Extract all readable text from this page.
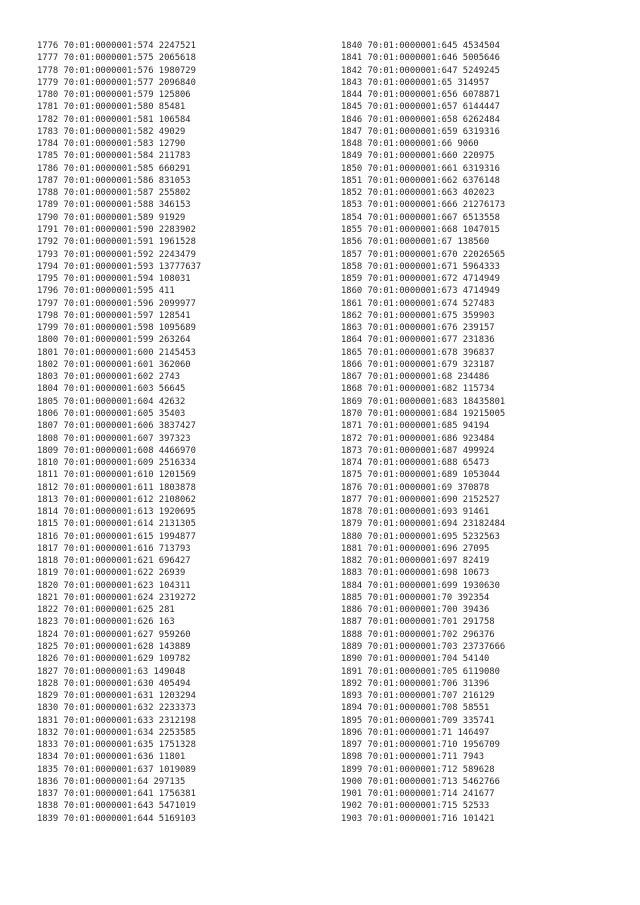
1776 70:01:0000001:574 2247521
1777 70:01:0000001:575 2065618
1778 70:01:0000001:576 1980729
1779 70:01:0000001:577 2096840
1780 70:01:0000001:579 125806
1781 70:01:0000001:580 85481
1782 70:01:0000001:581 106584
1783 70:01:0000001:582 49029
1784 70:01:0000001:583 12790
1785 70:01:0000001:584 211783
1786 70:01:0000001:585 660291
1787 70:01:0000001:586 831053
1788 70:01:0000001:587 255802
1789 70:01:0000001:588 346153
1790 70:01:0000001:589 91929
1791 70:01:0000001:590 2283902
1792 70:01:0000001:591 1961528
1793 70:01:0000001:592 2243479
1794 70:01:0000001:593 13777637
1795 70:01:0000001:594 108031
1796 70:01:0000001:595 411
1797 70:01:0000001:596 2099977
1798 70:01:0000001:597 128541
1799 70:01:0000001:598 1095689
1800 70:01:0000001:599 263264
1801 70:01:0000001:600 2145453
1802 70:01:0000001:601 362060
1803 70:01:0000001:602 2743
1804 70:01:0000001:603 56645
1805 70:01:0000001:604 42632
1806 70:01:0000001:605 35403
1807 70:01:0000001:606 3837427
1808 70:01:0000001:607 397323
1809 70:01:0000001:608 4466970
1810 70:01:0000001:609 2516334
1811 70:01:0000001:610 1201569
1812 70:01:0000001:611 1803878
1813 70:01:0000001:612 2108062
1814 70:01:0000001:613 1920695
1815 70:01:0000001:614 2131305
1816 70:01:0000001:615 1994877
1817 70:01:0000001:616 713793
1818 70:01:0000001:621 696427
1819 70:01:0000001:622 26939
1820 70:01:0000001:623 104311
1821 70:01:0000001:624 2319272
1822 70:01:0000001:625 281
1823 70:01:0000001:626 163
1824 70:01:0000001:627 959260
1825 70:01:0000001:628 143889
1826 70:01:0000001:629 109782
1827 70:01:0000001:63 149048
1828 70:01:0000001:630 405494
1829 70:01:0000001:631 1203294
1830 70:01:0000001:632 2233373
1831 70:01:0000001:633 2312198
1832 70:01:0000001:634 2253585
1833 70:01:0000001:635 1751328
1834 70:01:0000001:636 11801
1835 70:01:0000001:637 1019089
1836 70:01:0000001:64 297135
1837 70:01:0000001:641 1756381
1838 70:01:0000001:643 5471019
1839 70:01:0000001:644 5169103
1840 70:01:0000001:645 4534504
1841 70:01:0000001:646 5005646
1842 70:01:0000001:647 5249245
1843 70:01:0000001:65 314957
1844 70:01:0000001:656 6078871
1845 70:01:0000001:657 6144447
1846 70:01:0000001:658 6262484
1847 70:01:0000001:659 6319316
1848 70:01:0000001:66 9060
1849 70:01:0000001:660 220975
1850 70:01:0000001:661 6319316
1851 70:01:0000001:662 6376148
1852 70:01:0000001:663 402023
1853 70:01:0000001:666 21276173
1854 70:01:0000001:667 6513558
1855 70:01:0000001:668 1047015
1856 70:01:0000001:67 138560
1857 70:01:0000001:670 22026565
1858 70:01:0000001:671 5964333
1859 70:01:0000001:672 4714949
1860 70:01:0000001:673 4714949
1861 70:01:0000001:674 527483
1862 70:01:0000001:675 359903
1863 70:01:0000001:676 239157
1864 70:01:0000001:677 231836
1865 70:01:0000001:678 396837
1866 70:01:0000001:679 323187
1867 70:01:0000001:68 234486
1868 70:01:0000001:682 115734
1869 70:01:0000001:683 18435801
1870 70:01:0000001:684 19215005
1871 70:01:0000001:685 94194
1872 70:01:0000001:686 923484
1873 70:01:0000001:687 499924
1874 70:01:0000001:688 65473
1875 70:01:0000001:689 1053044
1876 70:01:0000001:69 370878
1877 70:01:0000001:690 2152527
1878 70:01:0000001:693 91461
1879 70:01:0000001:694 23182484
1880 70:01:0000001:695 5232563
1881 70:01:0000001:696 27095
1882 70:01:0000001:697 82419
1883 70:01:0000001:698 10673
1884 70:01:0000001:699 1930630
1885 70:01:0000001:70 392354
1886 70:01:0000001:700 39436
1887 70:01:0000001:701 291758
1888 70:01:0000001:702 296376
1889 70:01:0000001:703 23737666
1890 70:01:0000001:704 54140
1891 70:01:0000001:705 6119080
1892 70:01:0000001:706 31396
1893 70:01:0000001:707 216129
1894 70:01:0000001:708 58551
1895 70:01:0000001:709 335741
1896 70:01:0000001:71 146497
1897 70:01:0000001:710 1956709
1898 70:01:0000001:711 7943
1899 70:01:0000001:712 589628
1900 70:01:0000001:713 5462766
1901 70:01:0000001:714 241677
1902 70:01:0000001:715 52533
1903 70:01:0000001:716 101421
